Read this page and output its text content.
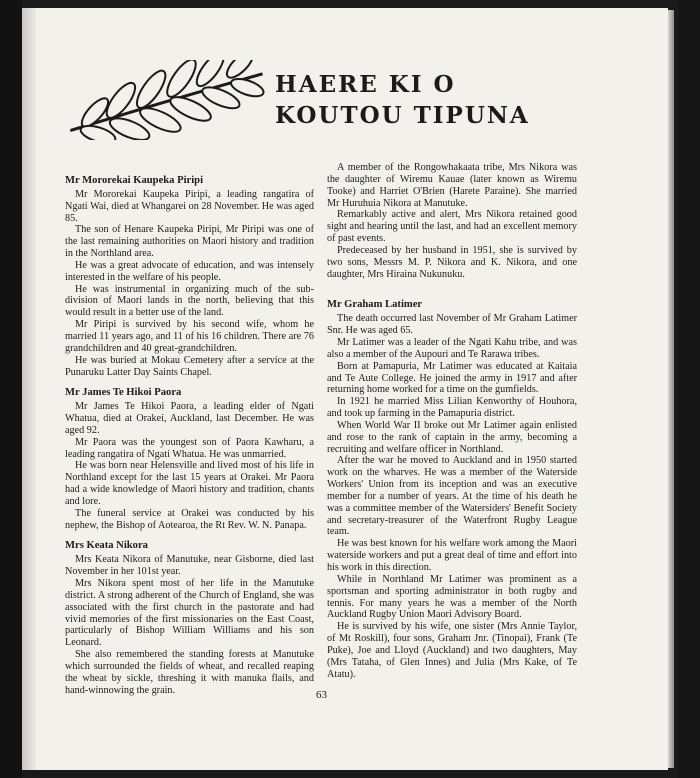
HAERE KI O
KOUTOU TIPUNA
Mr Mororekai Kaupeka Piripi

Mr Mororekai Kaupeka Piripi, a leading rangatira of Ngati Wai, died at Whangarei on 28 November. He was aged 85.

The son of Henare Kaupeka Piripi, Mr Piripi was one of the last remaining authorities on Maori history and tradition in the Northland area.

He was a great advocate of education, and was intensely interested in the welfare of his people.

He was instrumental in organizing much of the sub-division of Maori lands in the north, believing that this would result in a better use of the land.

Mr Piripi is survived by his second wife, whom he married 11 years ago, and 11 of his 16 children. There are 76 grandchildren and 40 great-grandchildren.

He was buried at Mokau Cemetery after a service at the Punaruku Latter Day Saints Chapel.

Mr James Te Hikoi Paora

Mr James Te Hikoi Paora, a leading elder of Ngati Whatua, died at Orakei, Auckland, last December. He was aged 92.

Mr Paora was the youngest son of Paora Kawharu, a leading rangatira of Ngati Whatua. He was unmarried.

He was born near Helensville and lived most of his life in Northland except for the last 15 years at Orakei. Mr Paora had a wide knowledge of Maori history and tradition, chants and lore.

The funeral service at Orakei was conducted by his nephew, the Bishop of Aotearoa, the Rt Rev. W. N. Panapa.

Mrs Keata Nikora

Mrs Keata Nikora of Manutuke, near Gisborne, died last November in her 101st year.

Mrs Nikora spent most of her life in the Manutuke district. A strong adherent of the Church of England, she was associated with the first church in the pastorate and had vivid memories of the first missionaries on the East Coast, particularly of Bishop William Williams and his son Leonard.

She also remembered the standing forests at Manutuke which surrounded the fields of wheat, and recalled reaping the wheat by sickle, threshing it with manuka flails, and hand-winnowing the grain.

A member of the Rongowhakaata tribe, Mrs Nikora was the daughter of Wiremu Kauae (later known as Wiremu Tooke) and Harriet O'Brien (Harete Paraine). She married Mr Huruhuia Nikora at Manutuke.

Remarkably active and alert, Mrs Nikora retained good sight and hearing until the last, and had an excellent memory of past events.

Predeceased by her husband in 1951, she is survived by two sons, Messrs M. P. Nikora and K. Nikora, and one daughter, Mrs Hiraina Nukunuku.

Mr Graham Latimer

The death occurred last November of Mr Graham Latimer Snr. He was aged 65.

Mr Latimer was a leader of the Ngati Kahu tribe, and was also a member of the Aupouri and Te Rarawa tribes.

Born at Pamapuria, Mr Latimer was educated at Kaitaia and Te Aute College. He joined the army in 1917 and after returning home worked for a time on the gumfields.

In 1921 he married Miss Lilian Kenworthy of Houhora, and took up farming in the Pamapuria district.

When World War II broke out Mr Latimer again enlisted and rose to the rank of captain in the army, becoming a recruiting and welfare officer in Northland.

After the war he moved to Auckland and in 1950 started work on the wharves. He was a member of the Waterside Workers' Union from its inception and was an executive member for a number of years. At the time of his death he was a committee member of the Watersiders' Benefit Society and secretary-treasurer of the Waterfront Rugby League team.

He was best known for his welfare work among the Maori waterside workers and put a great deal of time and effort into his work in this direction.

While in Northland Mr Latimer was prominent as a sportsman and sporting administrator in both rugby and tennis. For many years he was a member of the North Auckland Rugby Union Maori Advisory Board.

He is survived by his wife, one sister (Mrs Annie Taylor, of Mt Roskill), four sons, Graham Jnr. (Tinopai), Frank (Te Puke), Joe and Lloyd (Auckland) and two daughters, May (Mrs Tataha, of Glen Innes) and Julia (Mrs Kake, of Te Atatu).

63
